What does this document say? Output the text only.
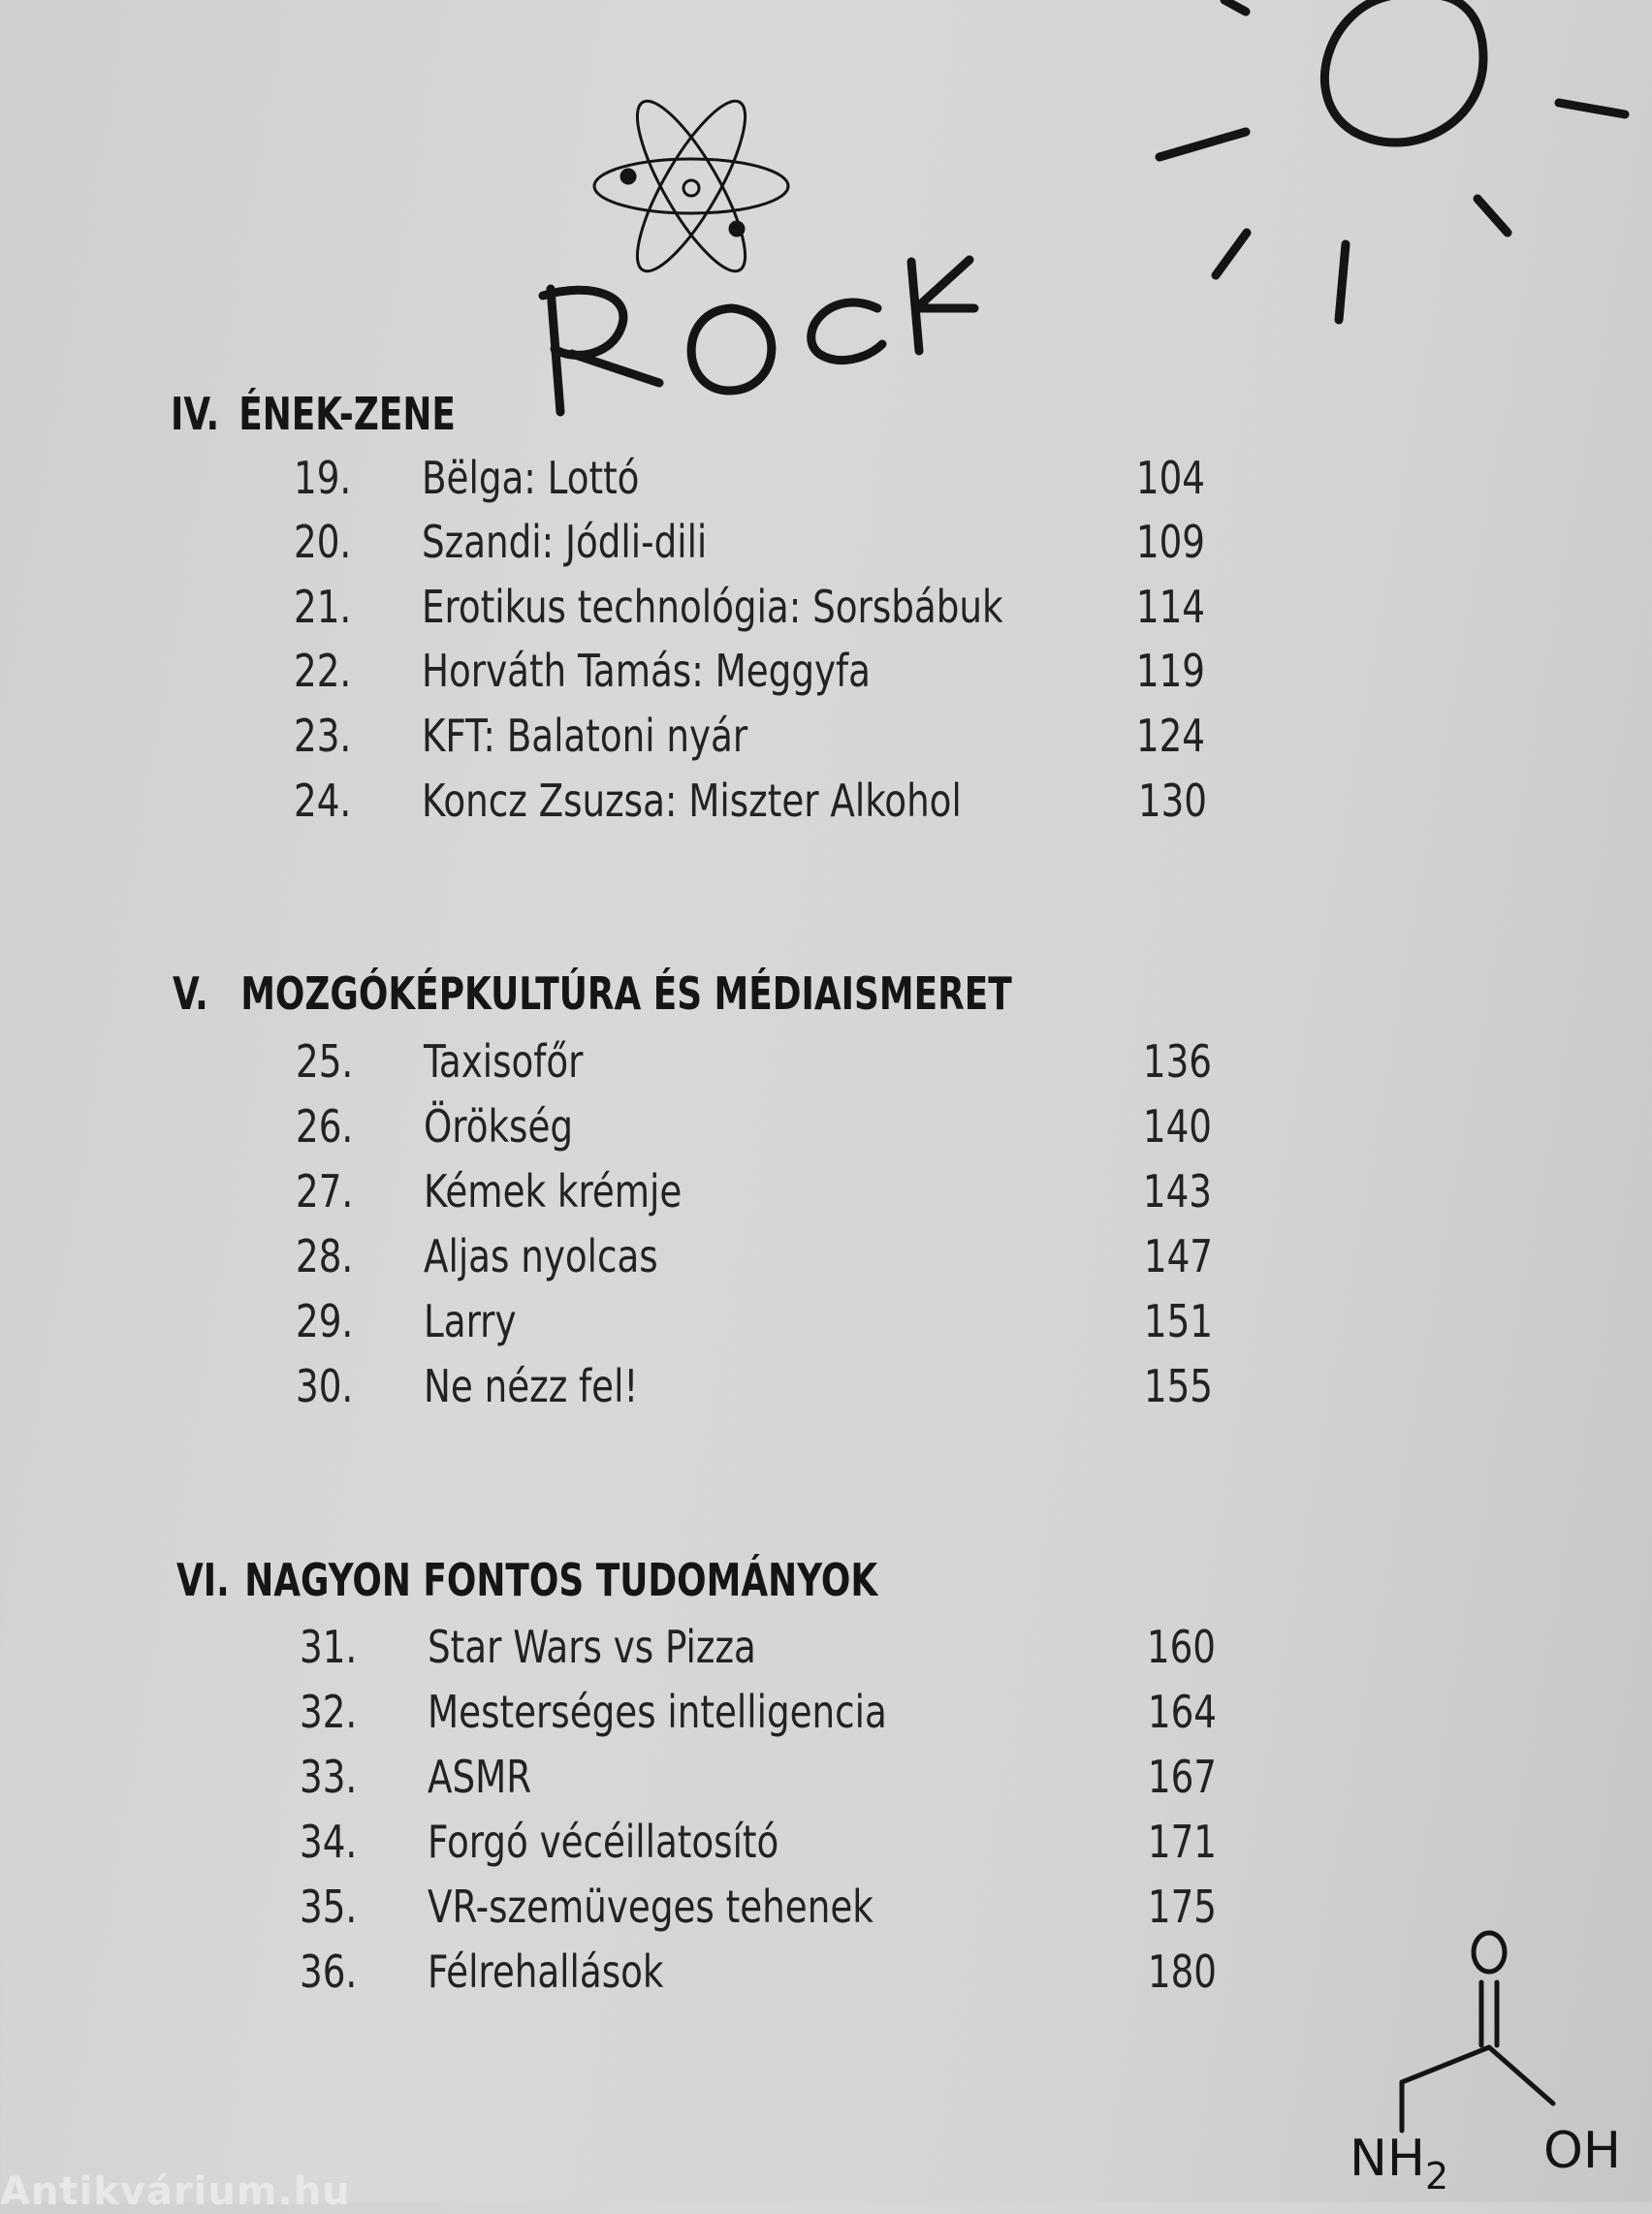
NH 2 OH
IV. ÉNEK-ZENE
19. Bëlga: Lottó	104
20. Szandi: Jódli-dili	109
21. Erotikus technológia: Sorsbábuk	114
22. Horváth Tamás: Meggyfa	119
23. KFT: Balatoni nyár	124
24. Koncz Zsuzsa: Miszter Alkohol	130
V. MOZGÓKÉPKULTÚRA ÉS MÉDIAISMERET
25. Taxisofőr	136
26. Örökség	140
27. Kémek krémje	143
28. Aljas nyolcas	147
29. Larry	151
30. Ne nézz fel!	155
VI. NAGYON FONTOS TUDOMÁNYOK
31. Star Wars vs Pizza	160
32. Mesterséges intelligencia	164
33. ASMR	167
34. Forgó vécéillatosító	171
35. VR-szemüveges tehenek	175
36. Félrehallások	180
Antikvárium.hu
